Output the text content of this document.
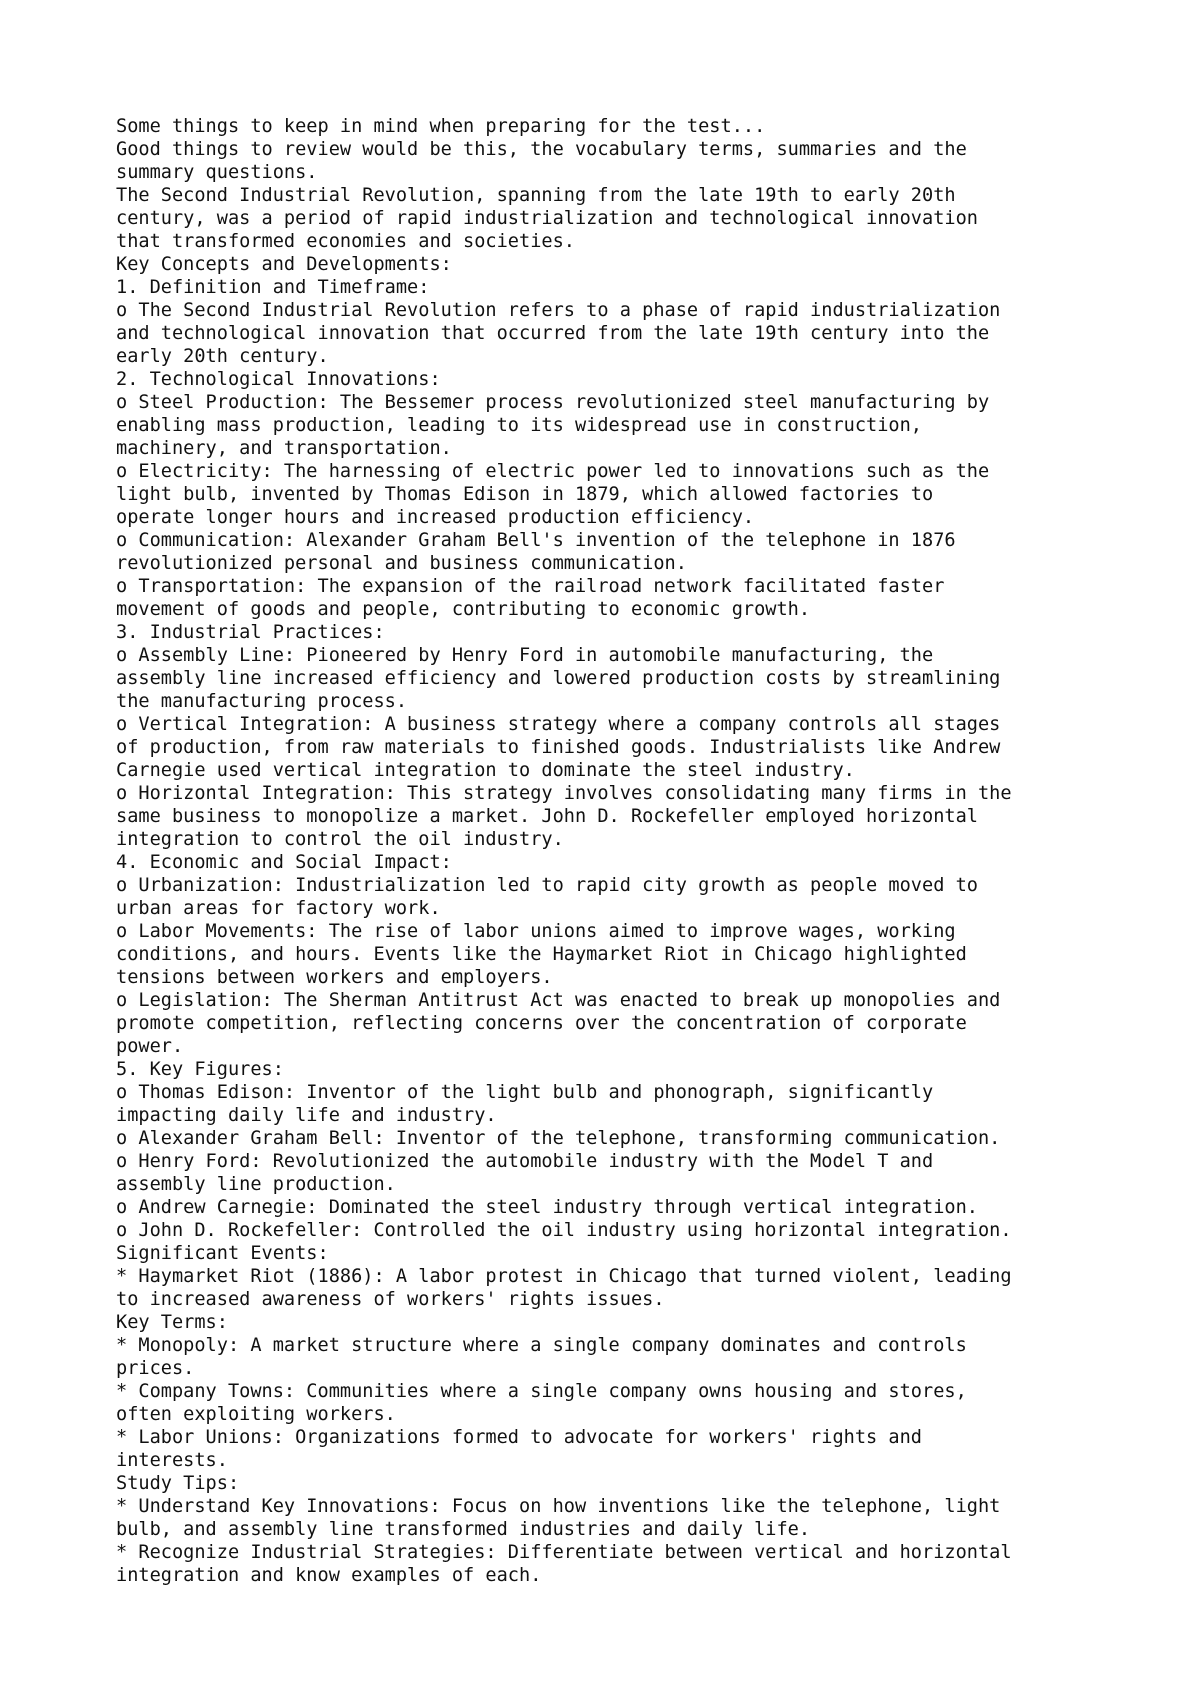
Some things to keep in mind when preparing for the test...
Good things to review would be this, the vocabulary terms, summaries and the
summary questions.
The Second Industrial Revolution, spanning from the late 19th to early 20th
century, was a period of rapid industrialization and technological innovation
that transformed economies and societies.
Key Concepts and Developments:
1. Definition and Timeframe:
o The Second Industrial Revolution refers to a phase of rapid industrialization
and technological innovation that occurred from the late 19th century into the
early 20th century.
2. Technological Innovations:
o Steel Production: The Bessemer process revolutionized steel manufacturing by
enabling mass production, leading to its widespread use in construction,
machinery, and transportation.
o Electricity: The harnessing of electric power led to innovations such as the
light bulb, invented by Thomas Edison in 1879, which allowed factories to
operate longer hours and increased production efficiency.
o Communication: Alexander Graham Bell's invention of the telephone in 1876
revolutionized personal and business communication.
o Transportation: The expansion of the railroad network facilitated faster
movement of goods and people, contributing to economic growth.
3. Industrial Practices:
o Assembly Line: Pioneered by Henry Ford in automobile manufacturing, the
assembly line increased efficiency and lowered production costs by streamlining
the manufacturing process.
o Vertical Integration: A business strategy where a company controls all stages
of production, from raw materials to finished goods. Industrialists like Andrew
Carnegie used vertical integration to dominate the steel industry.
o Horizontal Integration: This strategy involves consolidating many firms in the
same business to monopolize a market. John D. Rockefeller employed horizontal
integration to control the oil industry.
4. Economic and Social Impact:
o Urbanization: Industrialization led to rapid city growth as people moved to
urban areas for factory work.
o Labor Movements: The rise of labor unions aimed to improve wages, working
conditions, and hours. Events like the Haymarket Riot in Chicago highlighted
tensions between workers and employers.
o Legislation: The Sherman Antitrust Act was enacted to break up monopolies and
promote competition, reflecting concerns over the concentration of corporate
power.
5. Key Figures:
o Thomas Edison: Inventor of the light bulb and phonograph, significantly
impacting daily life and industry.
o Alexander Graham Bell: Inventor of the telephone, transforming communication.
o Henry Ford: Revolutionized the automobile industry with the Model T and
assembly line production.
o Andrew Carnegie: Dominated the steel industry through vertical integration.
o John D. Rockefeller: Controlled the oil industry using horizontal integration.
Significant Events:
* Haymarket Riot (1886): A labor protest in Chicago that turned violent, leading
to increased awareness of workers' rights issues.
Key Terms:
* Monopoly: A market structure where a single company dominates and controls
prices.
* Company Towns: Communities where a single company owns housing and stores,
often exploiting workers.
* Labor Unions: Organizations formed to advocate for workers' rights and
interests.
Study Tips:
* Understand Key Innovations: Focus on how inventions like the telephone, light
bulb, and assembly line transformed industries and daily life.
* Recognize Industrial Strategies: Differentiate between vertical and horizontal
integration and know examples of each.
